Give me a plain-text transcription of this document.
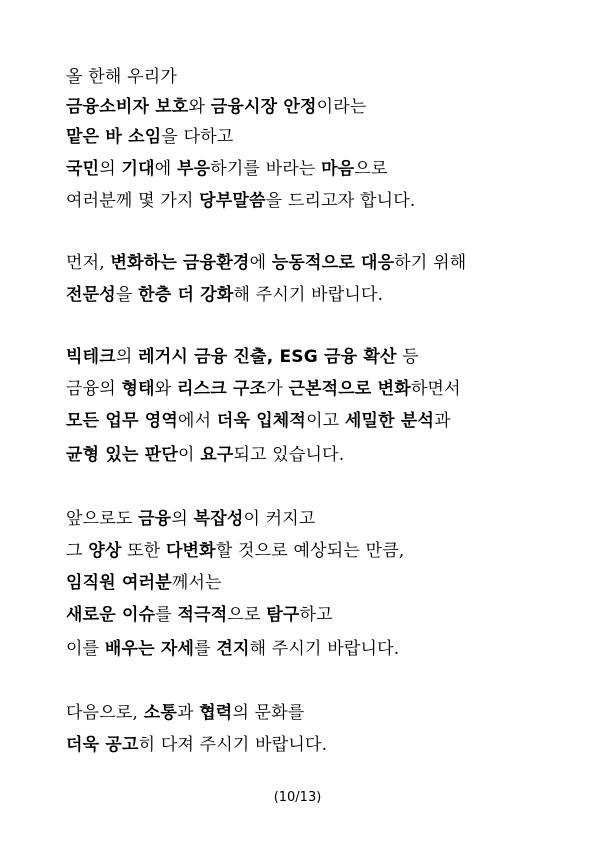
올 한해 우리가
금융소비자 보호와 금융시장 안정이라는
맡은 바 소임을 다하고
국민의 기대에 부응하기를 바라는 마음으로
여러분께 몇 가지 당부말씀을 드리고자 합니다.
먼저, 변화하는 금융환경에 능동적으로 대응하기 위해
전문성을 한층 더 강화해 주시기 바랍니다.
빅테크의 레거시 금융 진출, ESG 금융 확산 등
금융의 형태와 리스크 구조가 근본적으로 변화하면서
모든 업무 영역에서 더욱 입체적이고 세밀한 분석과
균형 있는 판단이 요구되고 있습니다.
앞으로도 금융의 복잡성이 커지고
그 양상 또한 다변화할 것으로 예상되는 만큼,
임직원 여러분께서는
새로운 이슈를 적극적으로 탐구하고
이를 배우는 자세를 견지해 주시기 바랍니다.
다음으로, 소통과 협력의 문화를
더욱 공고히 다져 주시기 바랍니다.
(10/13)
